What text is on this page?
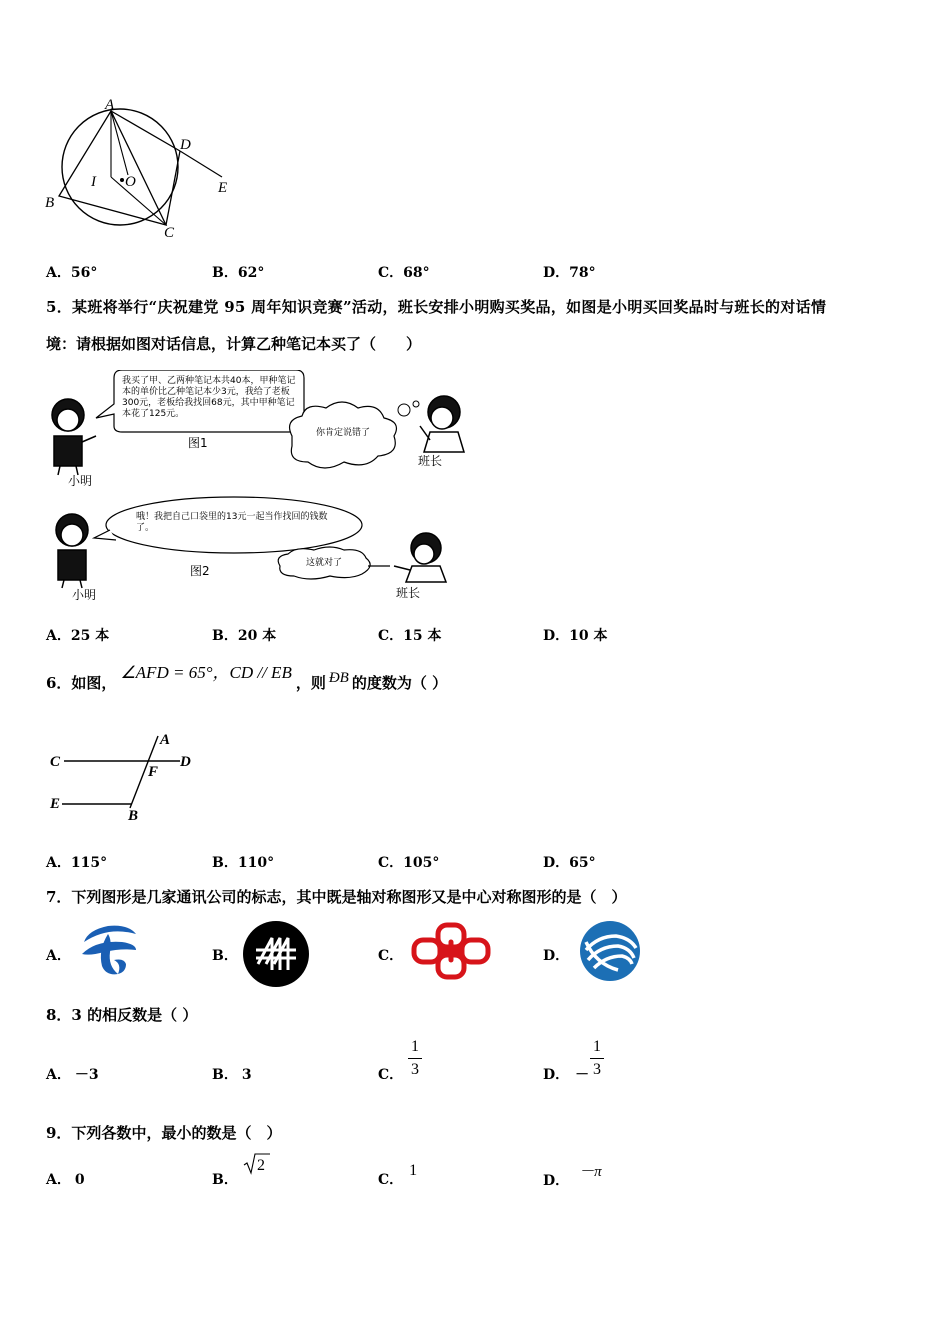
A
B
C
D
E
I O
A．56°	B．62°	C．68°	D．78°
5．某班将举行“庆祝建党 95 周年知识竞赛”活动，班长安排小明购买奖品，如图是小明买回奖品时与班长的对话情
境：请根据如图对话信息，计算乙种笔记本买了（　　）
我买了甲、乙两种笔记本共40本，甲种笔记本的单价比乙种笔记本少3元，我给了老板300元，老板给我找回68元，其中甲种笔记本花了125元。
你肯定说错了
哦！我把自己口袋里的13元一起当作找回的钱数了。
这就对了
图1
图2
小明
班长
小明	班长
A．25 本	B．20 本	C．15 本	D．10 本
6．如图，∠AFD = 65°，CD // EB，则 ÐB 的度数为（ ）
A
C	D
F
E
B
A．115°	B．110°	C．105°	D．65°
7．下列图形是几家通讯公司的标志，其中既是轴对称图形又是中心对称图形的是（　）
A．	B．	C．	D．
8．3 的相反数是（ ）
A． －3	B． 3	C．
1
3	D． －
1
3
9．下列各数中，最小的数是（　）
A． 0	B．
2
C．1
D．－π
